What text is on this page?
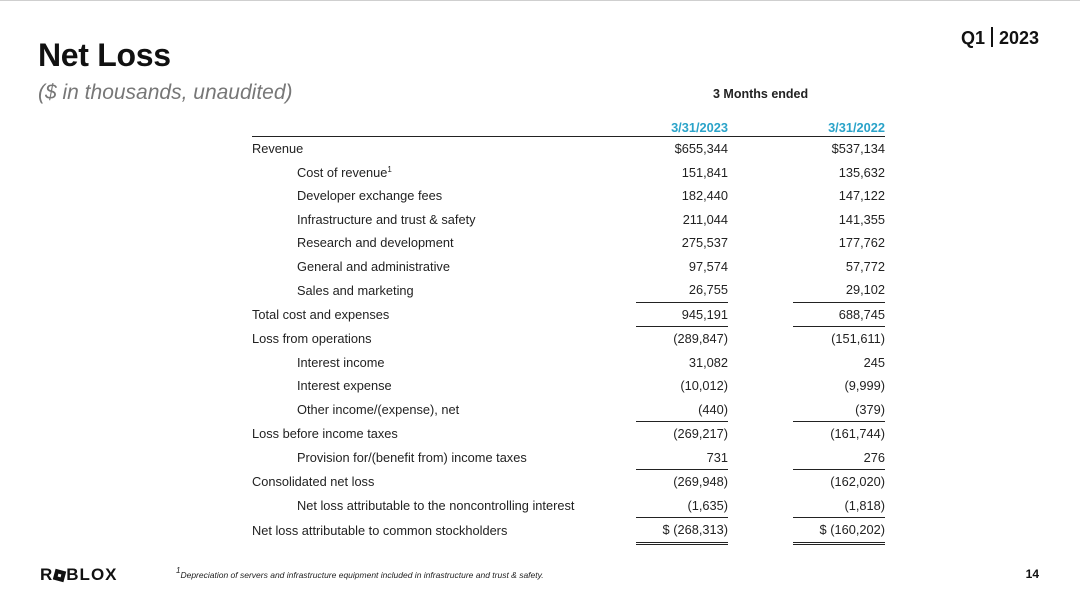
Net Loss
($ in thousands, unaudited)
Q1 2023
3 Months ended
	3/31/2023		3/31/2022
Revenue	$655,344		$537,134
Cost of revenue$^1$	151,841		135,632
Developer exchange fees	182,440		147,122
Infrastructure and trust & safety	211,044		141,355
Research and development	275,537		177,762
General and administrative	97,574		57,772
Sales and marketing	26,755		29,102
Total cost and expenses	945,191		688,745
Loss from operations	(289,847)		(151,611)
Interest income	31,082		245
Interest expense	(10,012)		(9,999)
Other income/(expense), net	(440)		(379)
Loss before income taxes	(269,217)		(161,744)
Provision for/(benefit from) income taxes	731		276
Consolidated net loss	(269,948)		(162,020)
Net loss attributable to the noncontrolling interest	(1,635)		(1,818)
Net loss attributable to common stockholders	$ (268,313)		$ (160,202)
R BLOX	$^1$Depreciation of servers and infrastructure equipment included in infrastructure and trust & safety.	14
